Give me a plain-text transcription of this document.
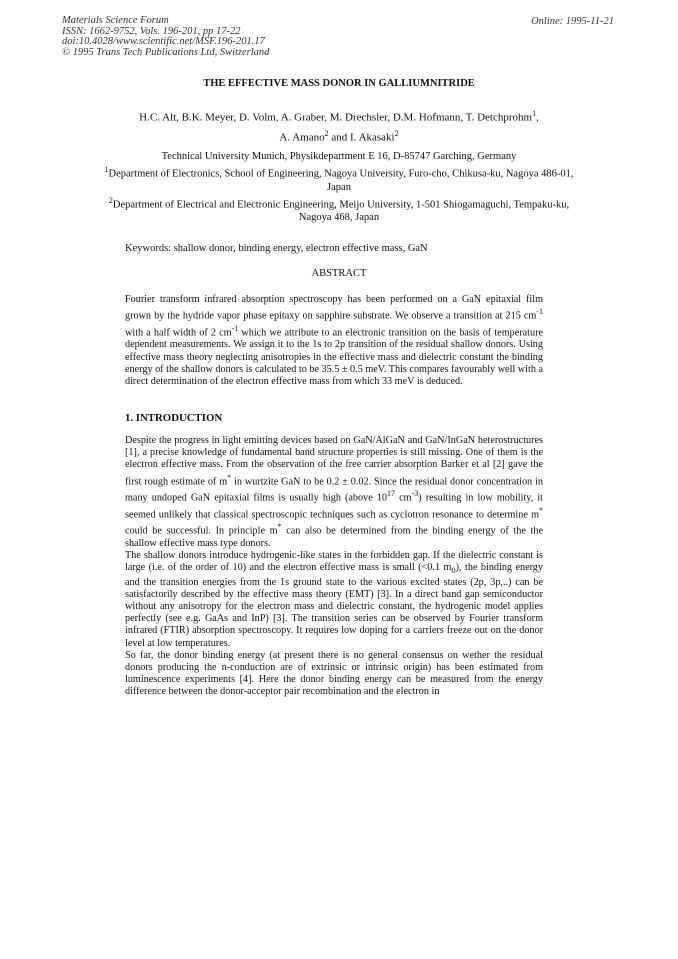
Materials Science Forum
ISSN: 1662-9752, Vols. 196-201, pp 17-22
doi:10.4028/www.scientific.net/MSF.196-201.17
© 1995 Trans Tech Publications Ltd, Switzerland
Online: 1995-11-21
THE EFFECTIVE MASS DONOR IN GALLIUMNITRIDE
H.C. Alt, B.K. Meyer, D. Volm, A. Graber, M. Drechsler, D.M. Hofmann, T. Detchprohm$^1$,
A. Amano$^2$ and I. Akasaki$^2$
Technical University Munich, Physikdepartment E 16, D-85747 Garching, Germany
$^1$Department of Electronics, School of Engineering, Nagoya University, Furo-cho, Chikusa-ku, Nagoya 486-01, Japan
$^2$Department of Electrical and Electronic Engineering, Meijo University, 1-501 Shiogamaguchi, Tempaku-ku, Nagoya 468, Japan
Keywords: shallow donor, binding energy, electron effective mass, GaN
ABSTRACT
Fourier transform infrared absorption spectroscopy has been performed on a GaN epitaxial film grown by the hydride vapor phase epitaxy on sapphire substrate. We observe a transition at 215 $cm^{-1}$ with a half width of 2 $cm^{-1}$ which we attribute to an electronic transition on the basis of temperature dependent measurements. We assign it to the 1s to 2p transition of the residual shallow donors. Using effective mass theory neglecting anisotropies in the effective mass and dielectric constant the binding energy of the shallow donors is calculated to be 35.5 ± 0.5 meV. This compares favourably well with a direct determination of the electron effective mass from which 33 meV is deduced.
1. INTRODUCTION
Despite the progress in light emitting devices based on GaN/AlGaN and GaN/InGaN heterostructures [1], a precise knowledge of fundamental band structure properties is still missing. One of them is the electron effective mass. From the observation of the free carrier absorption Barker et al [2] gave the first rough estimate of m* in wurtzite GaN to be 0.2 ± 0.02. Since the residual donor concentration in many undoped GaN epitaxial films is usually high (above $10^{17}$ $cm^{-3}$) resulting in low mobility, it seemed unlikely that classical spectroscopic techniques such as cyclotron resonance to determine m* could be successful. In principle m* can also be determined from the binding energy of the the shallow effective mass type donors.
The shallow donors introduce hydrogenic-like states in the forbidden gap. If the dielectric constant is large (i.e. of the order of 10) and the electron effective mass is small (<0.1 $m_0$), the binding energy and the transition energies from the 1s ground state to the various excited states (2p, 3p,..) can be satisfactorily described by the effective mass theory (EMT) [3]. In a direct band gap semiconductor without any anisotropy for the electron mass and dielectric constant, the hydrogenic model applies perfectly (see e.g. GaAs and InP) [3]. The transition series can be observed by Fourier transform infrared (FTIR) absorption spectroscopy. It requires low doping for a carriers freeze out on the donor level at low temperatures.
So far, the donor binding energy (at present there is no general consensus on wether the residual donors producing the n-conduction are of extrinsic or intrinsic origin) has been estimated from luminescence experiments [4]. Here the donor binding energy can be measured from the energy difference between the donor-acceptor pair recombination and the electron in
